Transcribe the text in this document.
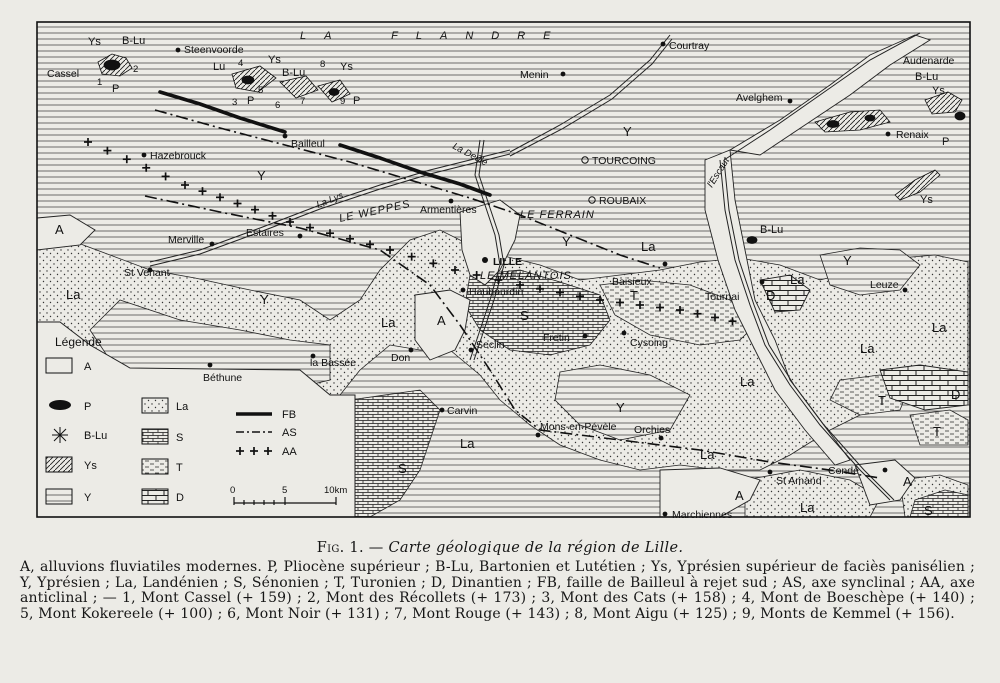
LA  FLANDRE
LE WEPPES	LE FERRAIN
LE MELANTOIS
La Lys
La Deûle
l'Escaut
Steenvoorde
Cassel
Courtray
Menin
Audenarde
Avelghem
Renaix
Bailleul
Hazebrouck	TOURCOING
ROUBAIX
Armentières
Merville
Estaires
St Venant
LILLE
Haubourdin
Baisieux
Tournai
Leuze
Seclin
Fretin	Cysoing
la Bassée	Don
Béthune
Carvin
Mons-en-Pévèle Orchies
St Amand
Condé
Marchiennes
Ys B-Lu
P
Lu
Ys
B-Lu	Ys
P	P
B-Lu
Ys
P
Ys
B-Lu
Y
Y
Y
Y
Y
Y
A
A
A
A
La
La
La
La
La
La
La
La
La
La
S
S
S
T
T
T
D
D
1
2
3
4
5
6 7
8
9
Légende
A
P
B-Lu
Ys
Y
La
S
T
D
FB
AS
AA
0	5	10km
Fig. 1. — Carte géologique de la région de Lille.

A, alluvions fluviatiles modernes. P, Pliocène supérieur ; B-Lu, Bartonien et Lutétien ; Ys, Yprésien supérieur de faciès panisélien ; Y, Yprésien ; La, Landénien ; S, Sénonien ; T, Turonien ; D, Dinantien ; FB, faille de Bailleul à rejet sud ; AS, axe synclinal ; AA, axe anticlinal ; — 1, Mont Cassel (+ 159) ; 2, Mont des Récollets (+ 173) ; 3, Mont des Cats (+ 158) ; 4, Mont de Boeschèpe (+ 140) ; 5, Mont Kokereele (+ 100) ; 6, Mont Noir (+ 131) ; 7, Mont Rouge (+ 143) ; 8, Mont Aigu (+ 125) ; 9, Monts de Kemmel (+ 156).
